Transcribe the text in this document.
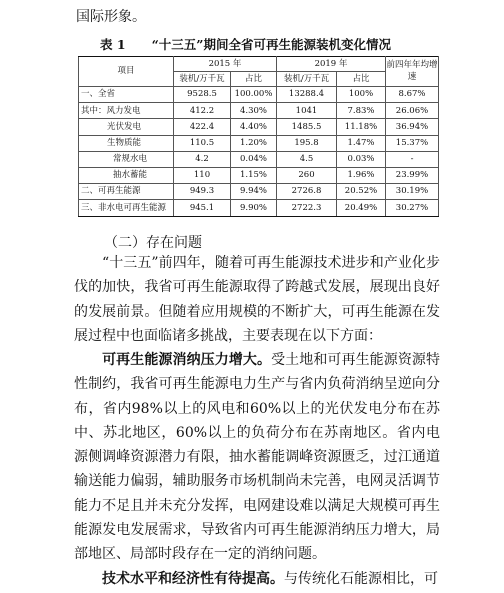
国际形象。
表 1 “十三五”期间全省可再生能源装机变化情况
项目	2015 年		2019 年		前四年年均增速
	装机/万千瓦	占比	装机/万千瓦	占比	
一、全省	9528.5	100.00%	13288.4	100%	8.67%
其中：风力发电	412.2	4.30%	1041	7.83%	26.06%
光伏发电	422.4	4.40%	1485.5	11.18%	36.94%
生物质能	110.5	1.20%	195.8	1.47%	15.37%
常规水电	4.2	0.04%	4.5	0.03%	-
抽水蓄能	110	1.15%	260	1.96%	23.99%
二、可再生能源	949.3	9.94%	2726.8	20.52%	30.19%
三、非水电可再生能源	945.1	9.90%	2722.3	20.49%	30.27%
（二）存在问题

“十三五”前四年，随着可再生能源技术进步和产业化步伐的加快，我省可再生能源取得了跨越式发展，展现出良好的发展前景。但随着应用规模的不断扩大，可再生能源在发展过程中也面临诸多挑战，主要表现在以下方面：

可再生能源消纳压力增大。受土地和可再生能源资源特性制约，我省可再生能源电力生产与省内负荷消纳呈逆向分布，省内98%以上的风电和60%以上的光伏发电分布在苏中、苏北地区，60%以上的负荷分布在苏南地区。省内电源侧调峰资源潜力有限，抽水蓄能调峰资源匮乏，过江通道输送能力偏弱，辅助服务市场机制尚未完善，电网灵活调节能力不足且并未充分发挥，电网建设难以满足大规模可再生能源发电发展需求，导致省内可再生能源消纳压力增大，局部地区、局部时段存在一定的消纳问题。

技术水平和经济性有待提高。与传统化石能源相比，可
